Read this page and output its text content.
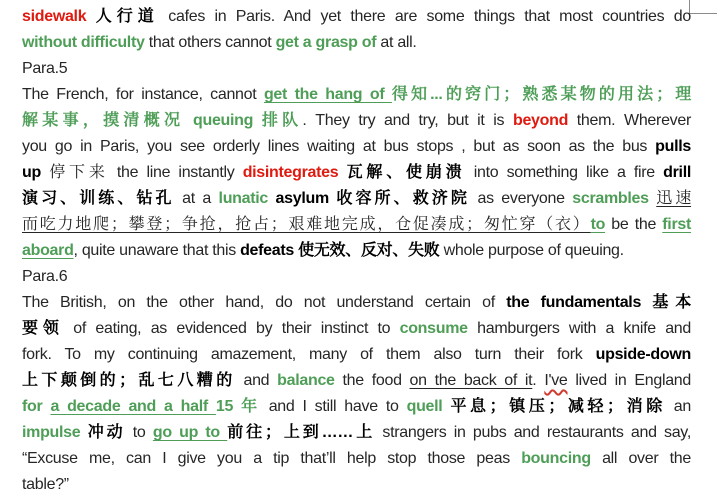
sidewalk 人行道 cafes in Paris. And yet there are some things that most countries do
without difficulty that others cannot get a grasp of at all.
Para.5
The French, for instance, cannot get the hang of 得知...的窍门；熟悉某物的用法；理
解某事，摸清概况 queuing 排队. They try and try, but it is beyond them. Wherever
you go in Paris, you see orderly lines waiting at bus stops , but as soon as the bus pulls
up 停下来 the line instantly disintegrates 瓦解、使崩溃 into something like a fire drill
演习、训练、钻孔 at a lunatic asylum 收容所、救济院 as everyone scrambles 迅速
而吃力地爬；攀登；争抢，抢占；艰难地完成，仓促凑成；匆忙穿（衣）to be the first
aboard, quite unaware that this defeats 使无效、反对、失败 whole purpose of queuing.
Para.6
The British, on the other hand, do not understand certain of the fundamentals 基本
要领 of eating, as evidenced by their instinct to consume hamburgers with a knife and
fork. To my continuing amazement, many of them also turn their fork upside-down
上下颠倒的；乱七八糟的 and balance the food on the back of it. I've lived in England
for a decade and a half 15 年 and I still have to quell 平息；镇压；减轻；消除 an
impulse 冲动 to go up to 前往；上到……上 strangers in pubs and restaurants and say,
“Excuse me, can I give you a tip that’ll help stop those peas bouncing all over the
table?”
